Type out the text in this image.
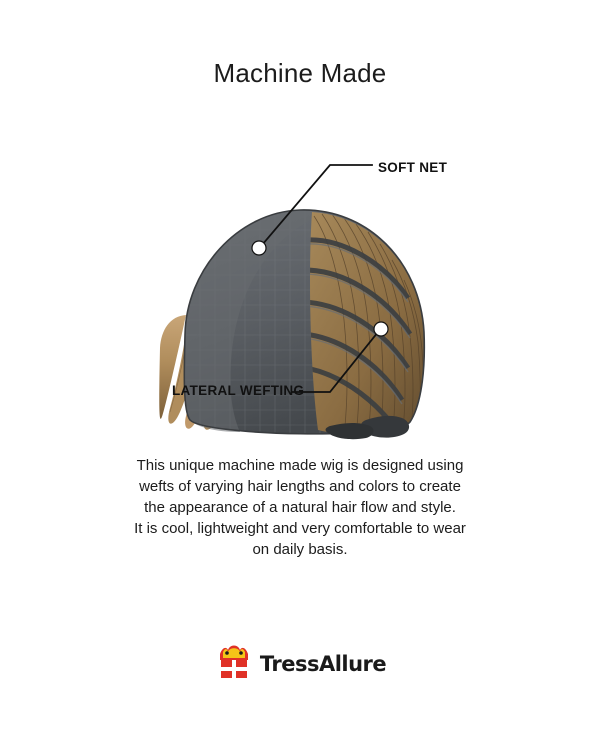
Machine Made
SOFT NET
LATERAL WEFTING

This unique machine made wig is designed using

wefts of varying hair lengths and colors to create

the appearance of a natural hair flow and style.

It is cool, lightweight and very comfortable to wear

on daily basis.

TressAllure
